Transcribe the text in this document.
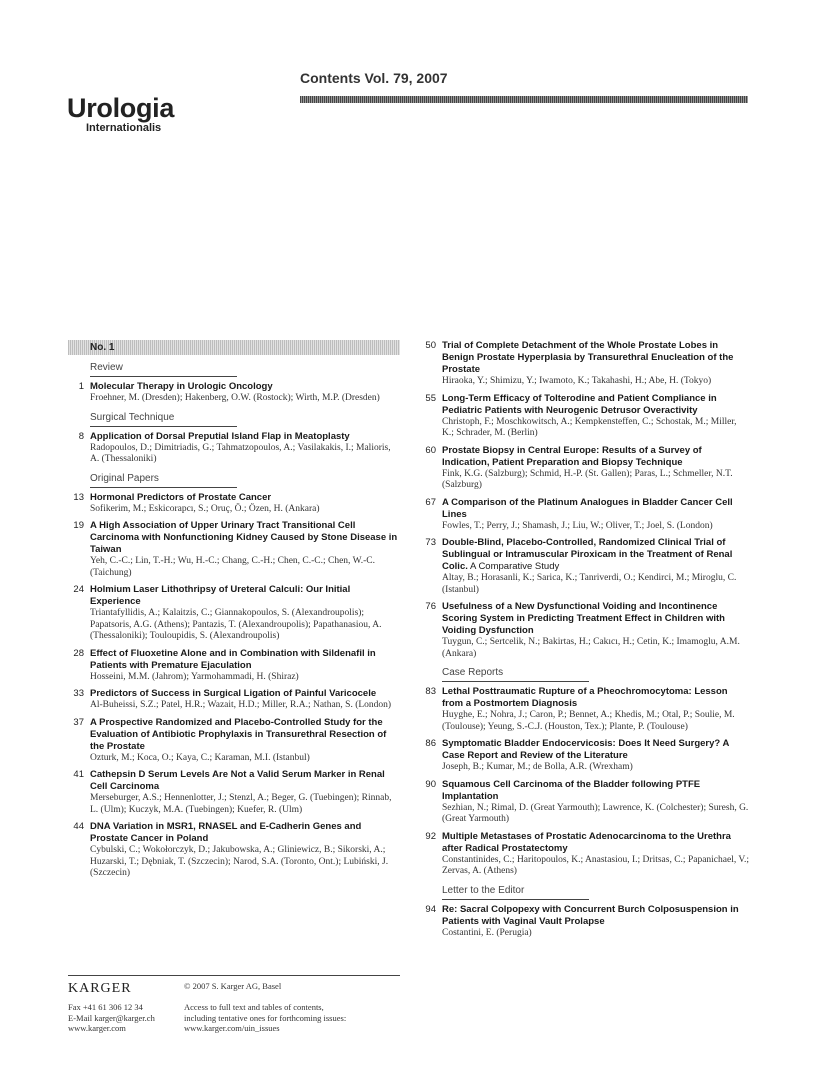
Urologia
Internationalis
Contents Vol. 79, 2007
No. 1
Review
1 Molecular Therapy in Urologic Oncology
Froehner, M. (Dresden); Hakenberg, O.W. (Rostock); Wirth, M.P. (Dresden)
Surgical Technique
8 Application of Dorsal Preputial Island Flap in Meatoplasty
Radopoulos, D.; Dimitriadis, G.; Tahmatzopoulos, A.; Vasilakakis, I.; Malioris, A. (Thessaloniki)
Original Papers
13 Hormonal Predictors of Prostate Cancer
Sofikerim, M.; Eskicorapcı, S.; Oruç, Ö.; Özen, H. (Ankara)
19 A High Association of Upper Urinary Tract Transitional Cell Carcinoma with Nonfunctioning Kidney Caused by Stone Disease in Taiwan
Yeh, C.-C.; Lin, T.-H.; Wu, H.-C.; Chang, C.-H.; Chen, C.-C.; Chen, W.-C. (Taichung)
24 Holmium Laser Lithothripsy of Ureteral Calculi: Our Initial Experience
Triantafyllidis, A.; Kalaitzis, C.; Giannakopoulos, S. (Alexandroupolis); Papatsoris, A.G. (Athens); Pantazis, T. (Alexandroupolis); Papathanasiou, A. (Thessaloniki); Touloupidis, S. (Alexandroupolis)
28 Effect of Fluoxetine Alone and in Combination with Sildenafil in Patients with Premature Ejaculation
Hosseini, M.M. (Jahrom); Yarmohammadi, H. (Shiraz)
33 Predictors of Success in Surgical Ligation of Painful Varicocele
Al-Buheissi, S.Z.; Patel, H.R.; Wazait, H.D.; Miller, R.A.; Nathan, S. (London)
37 A Prospective Randomized and Placebo-Controlled Study for the Evaluation of Antibiotic Prophylaxis in Transurethral Resection of the Prostate
Ozturk, M.; Koca, O.; Kaya, C.; Karaman, M.I. (Istanbul)
41 Cathepsin D Serum Levels Are Not a Valid Serum Marker in Renal Cell Carcinoma
Merseburger, A.S.; Hennenlotter, J.; Stenzl, A.; Beger, G. (Tuebingen); Rinnab, L. (Ulm); Kuczyk, M.A. (Tuebingen); Kuefer, R. (Ulm)
44 DNA Variation in MSR1, RNASEL and E-Cadherin Genes and Prostate Cancer in Poland
Cybulski, C.; Wokołorczyk, D.; Jakubowska, A.; Gliniewicz, B.; Sikorski, A.; Huzarski, T.; Dębniak, T. (Szczecin); Narod, S.A. (Toronto, Ont.); Lubiński, J. (Szczecin)
50 Trial of Complete Detachment of the Whole Prostate Lobes in Benign Prostate Hyperplasia by Transurethral Enucleation of the Prostate
Hiraoka, Y.; Shimizu, Y.; Iwamoto, K.; Takahashi, H.; Abe, H. (Tokyo)
55 Long-Term Efficacy of Tolterodine and Patient Compliance in Pediatric Patients with Neurogenic Detrusor Overactivity
Christoph, F.; Moschkowitsch, A.; Kempkensteffen, C.; Schostak, M.; Miller, K.; Schrader, M. (Berlin)
60 Prostate Biopsy in Central Europe: Results of a Survey of Indication, Patient Preparation and Biopsy Technique
Fink, K.G. (Salzburg); Schmid, H.-P. (St. Gallen); Paras, L.; Schmeller, N.T. (Salzburg)
67 A Comparison of the Platinum Analogues in Bladder Cancer Cell Lines
Fowles, T.; Perry, J.; Shamash, J.; Liu, W.; Oliver, T.; Joel, S. (London)
73 Double-Blind, Placebo-Controlled, Randomized Clinical Trial of Sublingual or Intramuscular Piroxicam in the Treatment of Renal Colic. A Comparative Study
Altay, B.; Horasanli, K.; Sarica, K.; Tanriverdi, O.; Kendirci, M.; Miroglu, C. (Istanbul)
76 Usefulness of a New Dysfunctional Voiding and Incontinence Scoring System in Predicting Treatment Effect in Children with Voiding Dysfunction
Tuygun, C.; Sertcelik, N.; Bakirtas, H.; Cakıcı, H.; Cetin, K.; Imamoglu, A.M. (Ankara)
Case Reports
83 Lethal Posttraumatic Rupture of a Pheochromocytoma: Lesson from a Postmortem Diagnosis
Huyghe, E.; Nohra, J.; Caron, P.; Bennet, A.; Khedis, M.; Otal, P.; Soulie, M. (Toulouse); Yeung, S.-C.J. (Houston, Tex.); Plante, P. (Toulouse)
86 Symptomatic Bladder Endocervicosis: Does It Need Surgery? A Case Report and Review of the Literature
Joseph, B.; Kumar, M.; de Bolla, A.R. (Wrexham)
90 Squamous Cell Carcinoma of the Bladder following PTFE Implantation
Sezhian, N.; Rimal, D. (Great Yarmouth); Lawrence, K. (Colchester); Suresh, G. (Great Yarmouth)
92 Multiple Metastases of Prostatic Adenocarcinoma to the Urethra after Radical Prostatectomy
Constantinides, C.; Haritopoulos, K.; Anastasiou, I.; Dritsas, C.; Papanichael, V.; Zervas, A. (Athens)
Letter to the Editor
94 Re: Sacral Colpopexy with Concurrent Burch Colposuspension in Patients with Vaginal Vault Prolapse
Costantini, E. (Perugia)
KARGER	© 2007 S. Karger AG, Basel
Fax +41 61 306 12 34
E-Mail karger@karger.ch
www.karger.com
Access to full text and tables of contents,
including tentative ones for forthcoming issues:
www.karger.com/uin_issues
